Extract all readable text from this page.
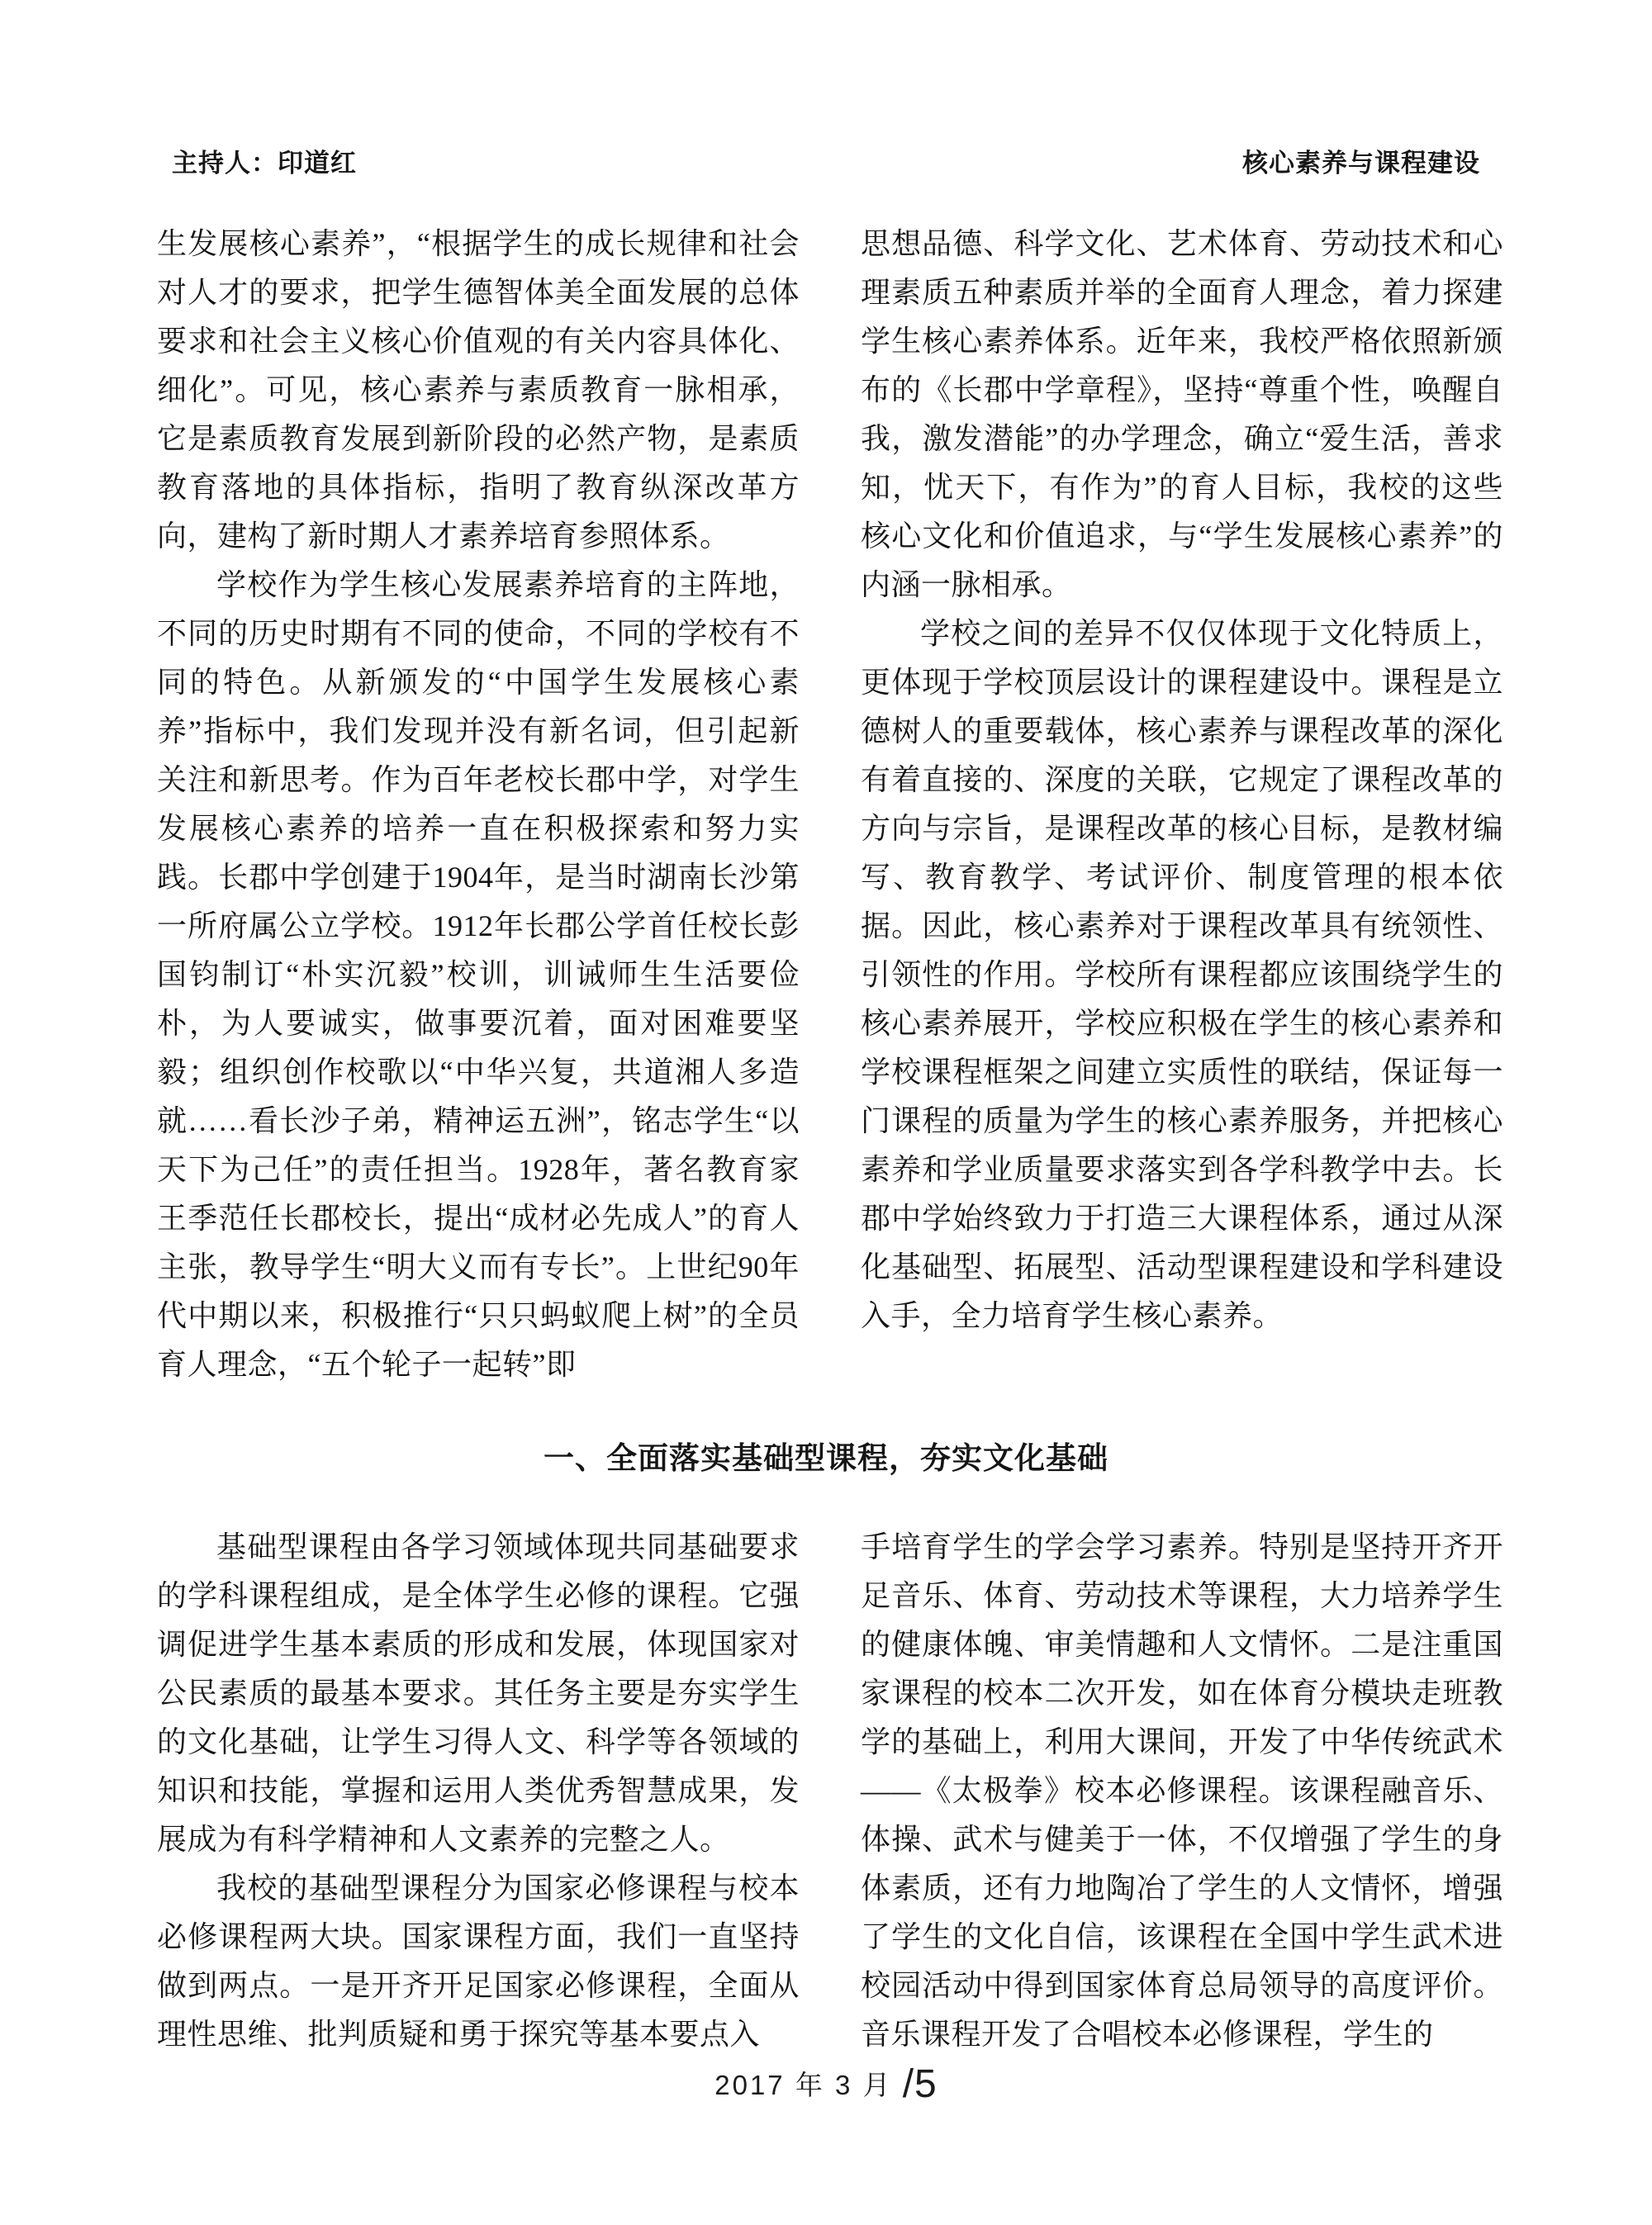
主持人：印道红	核心素养与课程建设

生发展核心素养”，“根据学生的成长规律和社会对人才的要求，把学生德智体美全面发展的总体要求和社会主义核心价值观的有关内容具体化、细化”。可见，核心素养与素质教育一脉相承，它是素质教育发展到新阶段的必然产物，是素质教育落地的具体指标，指明了教育纵深改革方向，建构了新时期人才素养培育参照体系。

学校作为学生核心发展素养培育的主阵地，不同的历史时期有不同的使命，不同的学校有不同的特色。从新颁发的“中国学生发展核心素养”指标中，我们发现并没有新名词，但引起新关注和新思考。作为百年老校长郡中学，对学生发展核心素养的培养一直在积极探索和努力实践。长郡中学创建于1904年，是当时湖南长沙第一所府属公立学校。1912年长郡公学首任校长彭国钧制订“朴实沉毅”校训，训诫师生生活要俭朴，为人要诚实，做事要沉着，面对困难要坚毅；组织创作校歌以“中华兴复，共道湘人多造就……看长沙子弟，精神运五洲”，铭志学生“以天下为己任”的责任担当。1928年，著名教育家王季范任长郡校长，提出“成材必先成人”的育人主张，教导学生“明大义而有专长”。上世纪90年代中期以来，积极推行“只只蚂蚁爬上树”的全员育人理念，“五个轮子一起转”即

思想品德、科学文化、艺术体育、劳动技术和心理素质五种素质并举的全面育人理念，着力探建学生核心素养体系。近年来，我校严格依照新颁布的《长郡中学章程》，坚持“尊重个性，唤醒自我，激发潜能”的办学理念，确立“爱生活，善求知，忧天下，有作为”的育人目标，我校的这些核心文化和价值追求，与“学生发展核心素养”的内涵一脉相承。

学校之间的差异不仅仅体现于文化特质上，更体现于学校顶层设计的课程建设中。课程是立德树人的重要载体，核心素养与课程改革的深化有着直接的、深度的关联，它规定了课程改革的方向与宗旨，是课程改革的核心目标，是教材编写、教育教学、考试评价、制度管理的根本依据。因此，核心素养对于课程改革具有统领性、引领性的作用。学校所有课程都应该围绕学生的核心素养展开，学校应积极在学生的核心素养和学校课程框架之间建立实质性的联结，保证每一门课程的质量为学生的核心素养服务，并把核心素养和学业质量要求落实到各学科教学中去。长郡中学始终致力于打造三大课程体系，通过从深化基础型、拓展型、活动型课程建设和学科建设入手，全力培育学生核心素养。

一、全面落实基础型课程，夯实文化基础

基础型课程由各学习领域体现共同基础要求的学科课程组成，是全体学生必修的课程。它强调促进学生基本素质的形成和发展，体现国家对公民素质的最基本要求。其任务主要是夯实学生的文化基础，让学生习得人文、科学等各领域的知识和技能，掌握和运用人类优秀智慧成果，发展成为有科学精神和人文素养的完整之人。

我校的基础型课程分为国家必修课程与校本必修课程两大块。国家课程方面，我们一直坚持做到两点。一是开齐开足国家必修课程，全面从理性思维、批判质疑和勇于探究等基本要点入

手培育学生的学会学习素养。特别是坚持开齐开足音乐、体育、劳动技术等课程，大力培养学生的健康体魄、审美情趣和人文情怀。二是注重国家课程的校本二次开发，如在体育分模块走班教学的基础上，利用大课间，开发了中华传统武术——《太极拳》校本必修课程。该课程融音乐、体操、武术与健美于一体，不仅增强了学生的身体素质，还有力地陶冶了学生的人文情怀，增强了学生的文化自信，该课程在全国中学生武术进校园活动中得到国家体育总局领导的高度评价。音乐课程开发了合唱校本必修课程，学生的

2017 年 3 月 /5
